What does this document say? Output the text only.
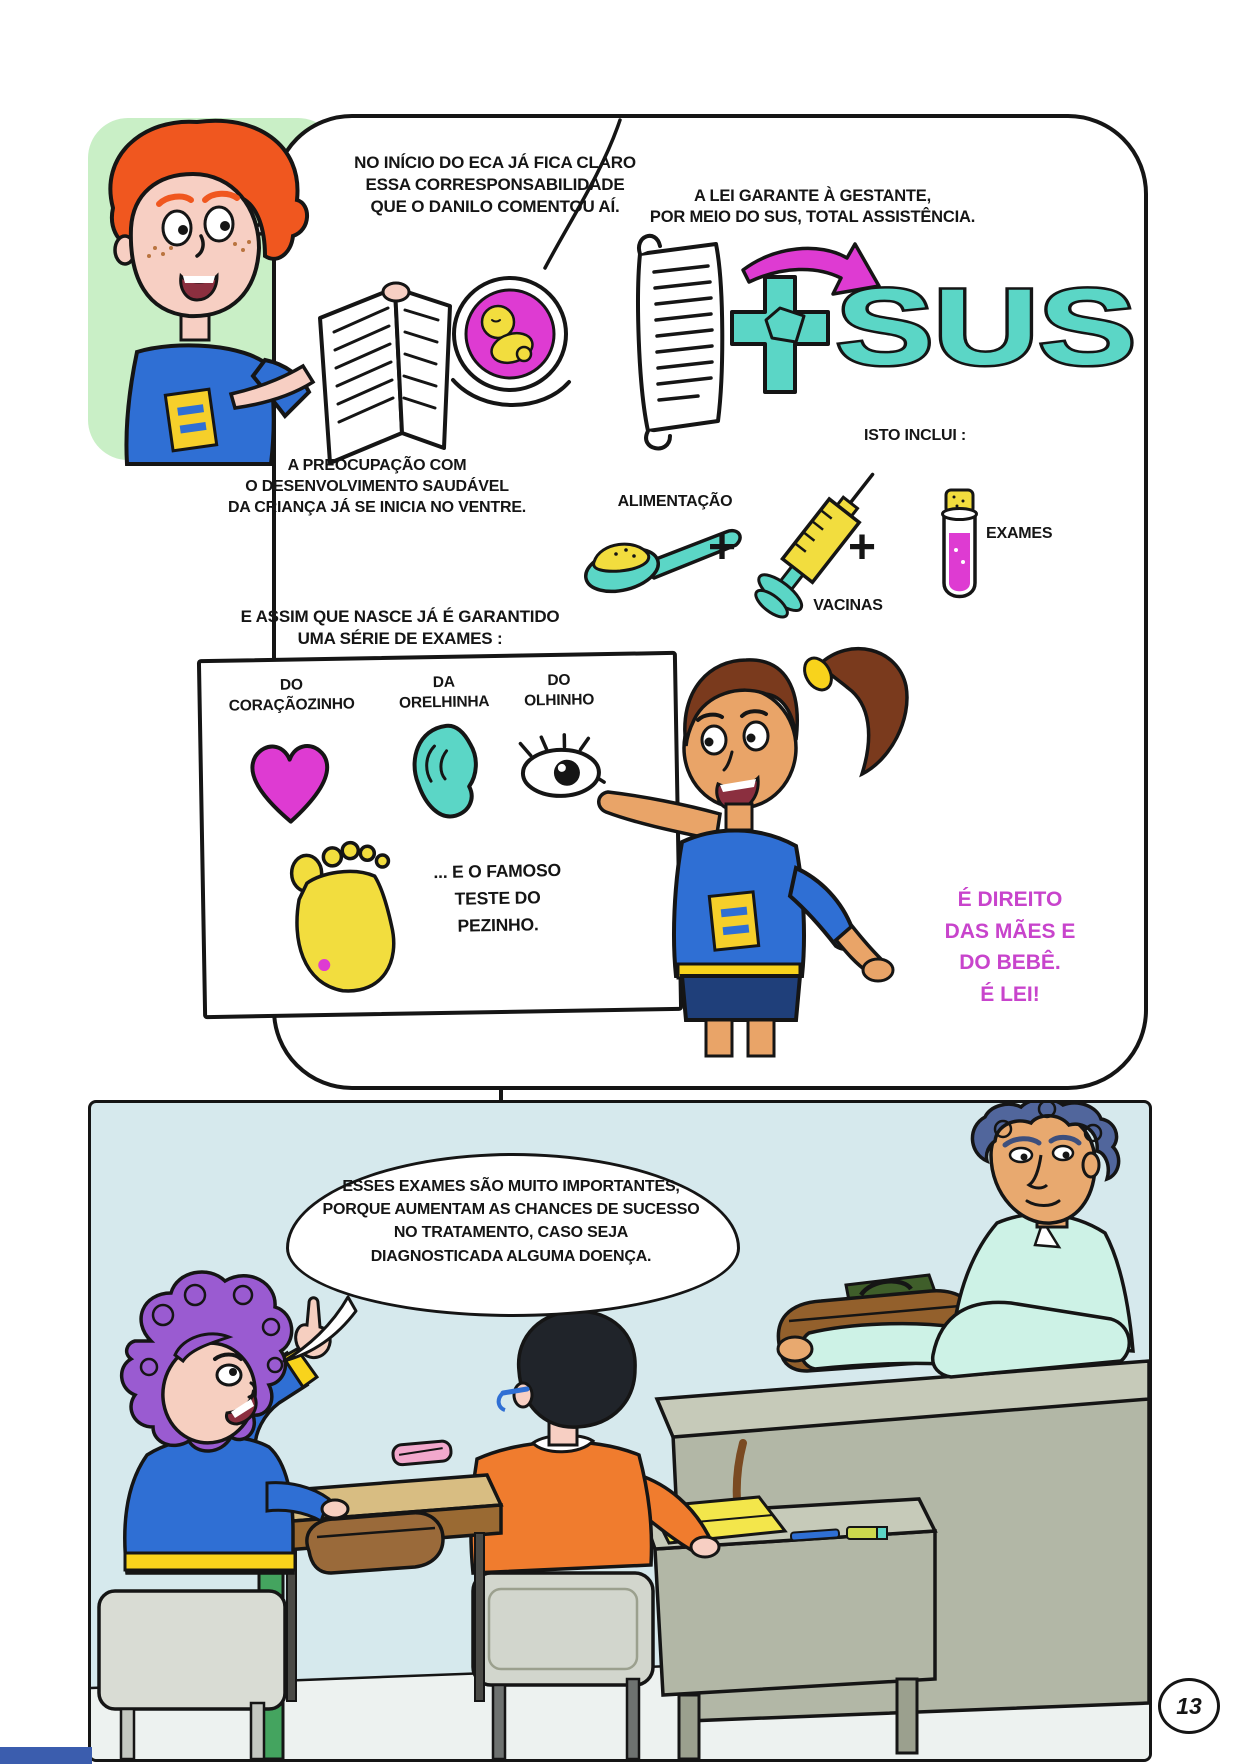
NO INÍCIO DO ECA JÁ FICA CLARO
ESSA CORRESPONSABILIDADE
QUE O DANILO COMENTOU AÍ.
A LEI GARANTE À GESTANTE,
POR MEIO DO SUS, TOTAL ASSISTÊNCIA.
SUS
ISTO INCLUI :
A PREOCUPAÇÃO COM
O DESENVOLVIMENTO SAUDÁVEL
DA CRIANÇA JÁ SE INICIA NO VENTRE.	ALIMENTAÇÃO
+
VACINAS
+	EXAMES
E ASSIM QUE NASCE JÁ É GARANTIDO
UMA SÉRIE DE EXAMES :
DO
CORAÇÃOZINHO
DA
ORELHINHA
DO
OLHINHO
... E O FAMOSO
TESTE DO
PEZINHO.
É DIREITO
DAS MÃES E
DO BEBÊ.
É LEI!
ESSES EXAMES SÃO MUITO IMPORTANTES,
PORQUE AUMENTAM AS CHANCES DE SUCESSO
NO TRATAMENTO, CASO SEJA
DIAGNOSTICADA ALGUMA DOENÇA.
13
